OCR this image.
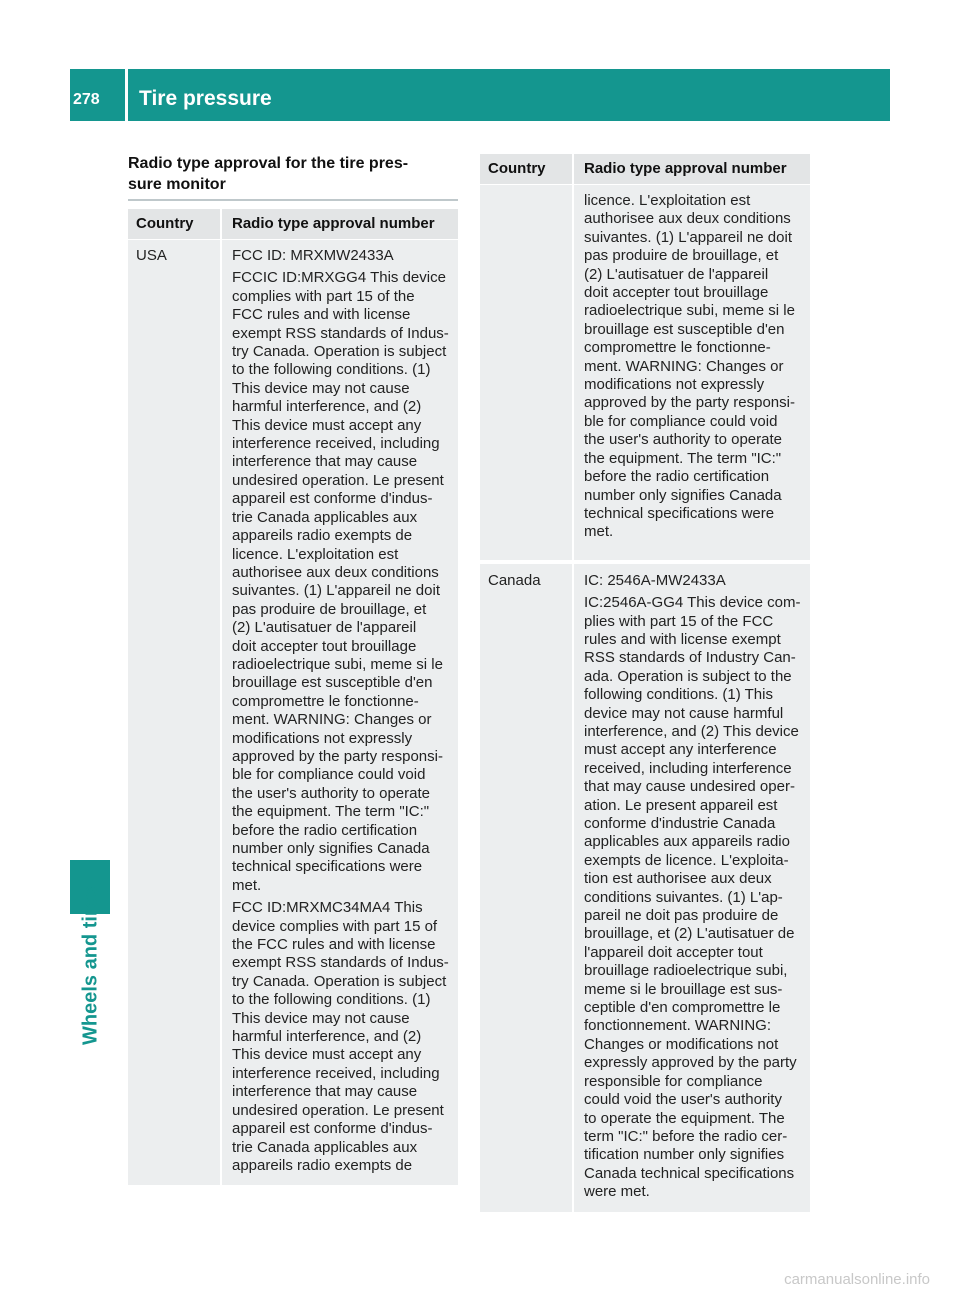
278	Tire pressure
Wheels and tires
Radio type approval for the tire pres-
sure monitor
Country	Radio type approval number
USA	FCC ID: MRXMW2433A

FCCIC ID:MRXGG4 This device
complies with part 15 of the
FCC rules and with license
exempt RSS standards of Indus-
try Canada. Operation is subject
to the following conditions. (1)
This device may not cause
harmful interference, and (2)
This device must accept any
interference received, including
interference that may cause
undesired operation. Le present
appareil est conforme d'indus-
trie Canada applicables aux
appareils radio exempts de
licence. L'exploitation est
authorisee aux deux conditions
suivantes. (1) L'appareil ne doit
pas produire de brouillage, et
(2) L'autisatuer de l'appareil
doit accepter tout brouillage
radioelectrique subi, meme si le
brouillage est susceptible d'en
compromettre le fonctionne-
ment. WARNING: Changes or
modifications not expressly
approved by the party responsi-
ble for compliance could void
the user's authority to operate
the equipment. The term "IC:"
before the radio certification
number only signifies Canada
technical specifications were
met.

FCC ID:MRXMC34MA4 This
device complies with part 15 of
the FCC rules and with license
exempt RSS standards of Indus-
try Canada. Operation is subject
to the following conditions. (1)
This device may not cause
harmful interference, and (2)
This device must accept any
interference received, including
interference that may cause
undesired operation. Le present
appareil est conforme d'indus-
trie Canada applicables aux
appareils radio exempts de

Country	Radio type approval number

licence. L'exploitation est
authorisee aux deux conditions
suivantes. (1) L'appareil ne doit
pas produire de brouillage, et
(2) L'autisatuer de l'appareil
doit accepter tout brouillage
radioelectrique subi, meme si le
brouillage est susceptible d'en
compromettre le fonctionne-
ment. WARNING: Changes or
modifications not expressly
approved by the party responsi-
ble for compliance could void
the user's authority to operate
the equipment. The term "IC:"
before the radio certification
number only signifies Canada
technical specifications were
met.

Canada	IC: 2546A-MW2433A

IC:2546A-GG4 This device com-
plies with part 15 of the FCC
rules and with license exempt
RSS standards of Industry Can-
ada. Operation is subject to the
following conditions. (1) This
device may not cause harmful
interference, and (2) This device
must accept any interference
received, including interference
that may cause undesired oper-
ation. Le present appareil est
conforme d'industrie Canada
applicables aux appareils radio
exempts de licence. L'exploita-
tion est authorisee aux deux
conditions suivantes. (1) L'ap-
pareil ne doit pas produire de
brouillage, et (2) L'autisatuer de
l'appareil doit accepter tout
brouillage radioelectrique subi,
meme si le brouillage est sus-
ceptible d'en compromettre le
fonctionnement. WARNING:
Changes or modifications not
expressly approved by the party
responsible for compliance
could void the user's authority
to operate the equipment. The
term "IC:" before the radio cer-
tification number only signifies
Canada technical specifications
were met.

carmanualsonline.info
